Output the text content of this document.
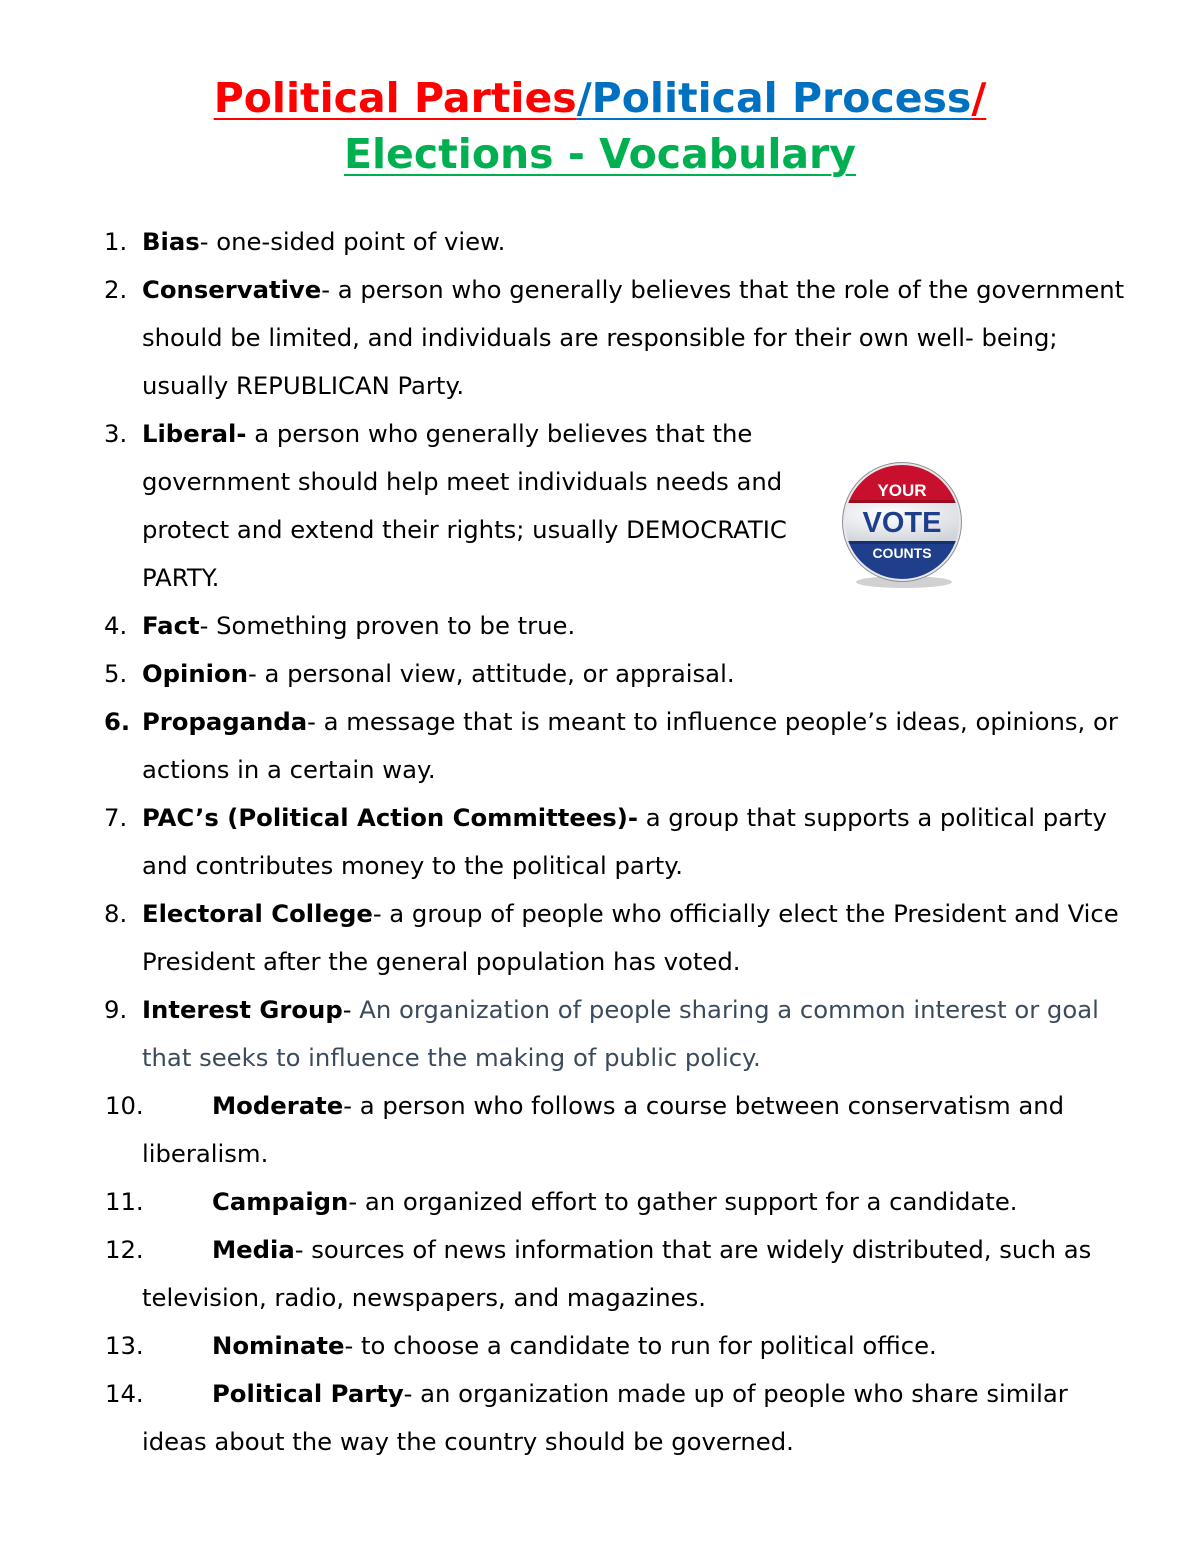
Political Parties/Political Process/
Elections - Vocabulary
1. Bias- one-sided point of view.
2. Conservative- a person who generally believes that the role of the government should be limited, and individuals are responsible for their own well- being; usually REPUBLICAN Party.
3. Liberal- a person who generally believes that the government should help meet individuals needs and protect and extend their rights; usually DEMOCRATIC PARTY.
4. Fact- Something proven to be true.
5. Opinion- a personal view, attitude, or appraisal.
6. Propaganda- a message that is meant to influence people’s ideas, opinions, or actions in a certain way.
7. PAC’s (Political Action Committees)- a group that supports a political party and contributes money to the political party.
8. Electoral College- a group of people who officially elect the President and Vice President after the general population has voted.
9. Interest Group- An organization of people sharing a common interest or goal that seeks to influence the making of public policy.
10.	Moderate- a person who follows a course between conservatism and liberalism.
11.	Campaign- an organized effort to gather support for a candidate.
12.	Media- sources of news information that are widely distributed, such as television, radio, newspapers, and magazines.
13.	Nominate- to choose a candidate to run for political office.
14.	Political Party- an organization made up of people who share similar ideas about the way the country should be governed.
YOUR
VOTE
COUNTS
